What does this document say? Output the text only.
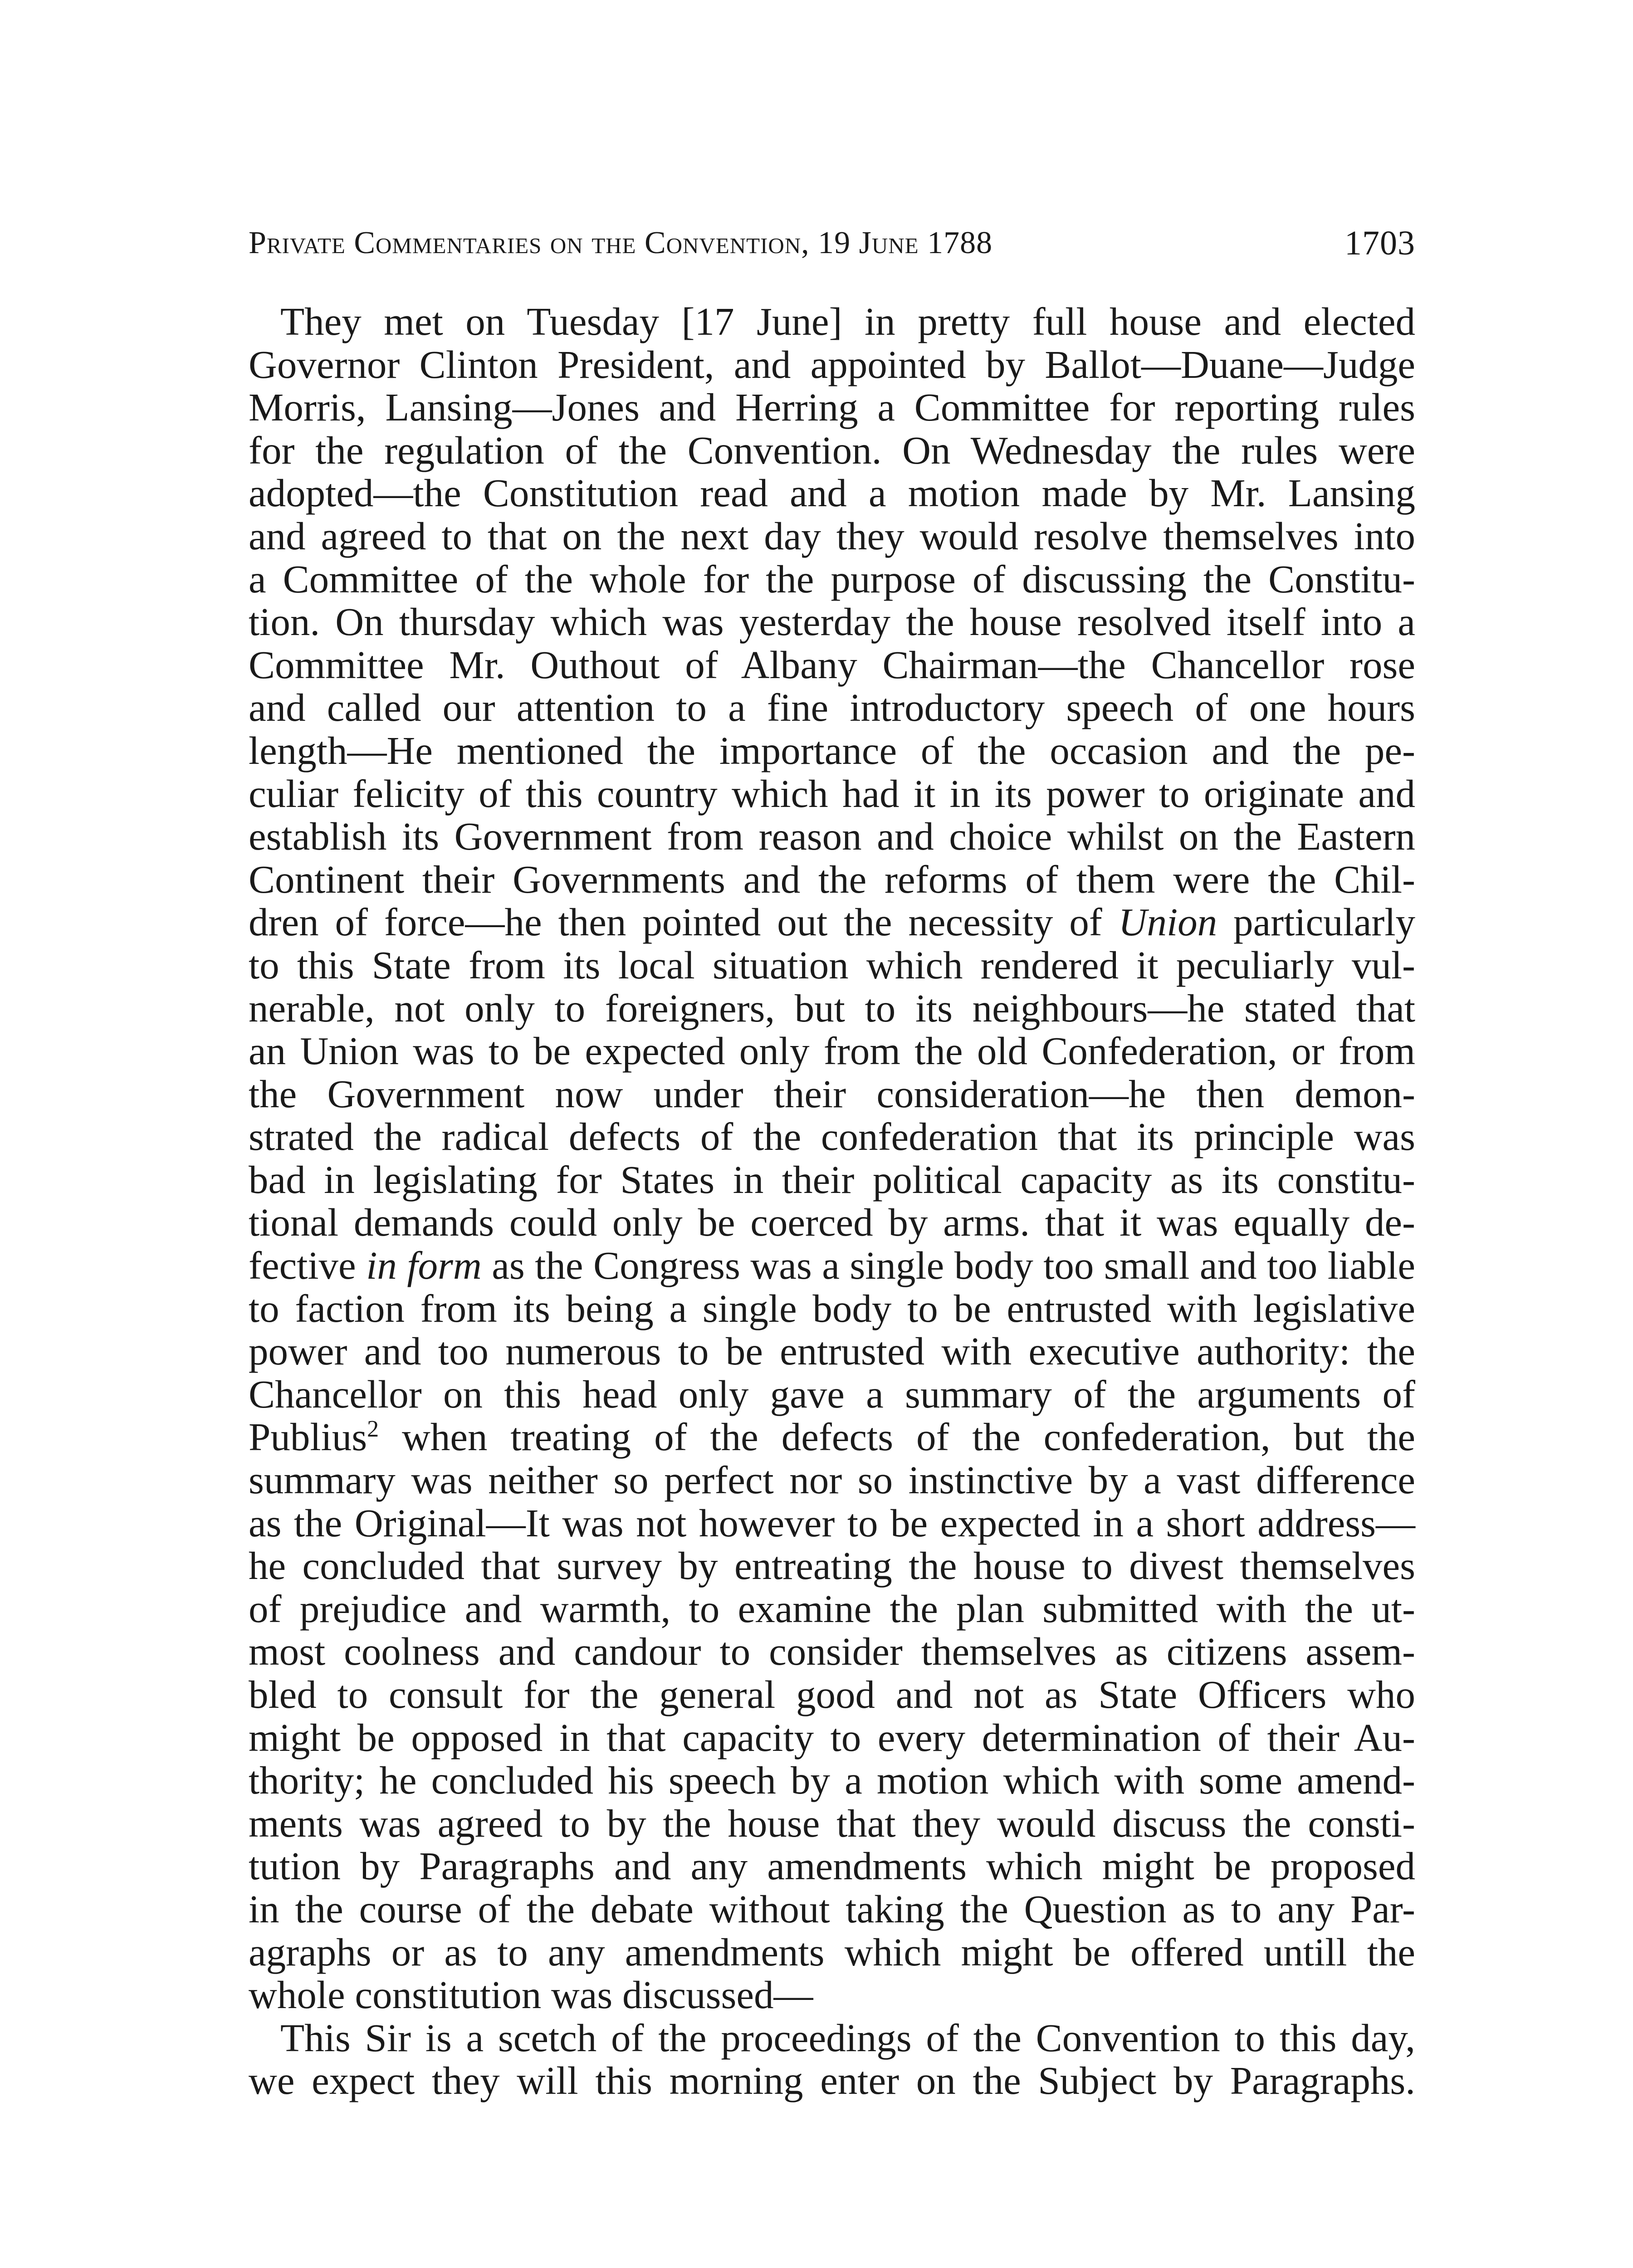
Private Commentaries on the Convention, 19 June 1788	1703
They met on Tuesday [17 June] in pretty full house and elected
Governor Clinton President, and appointed by Ballot—Duane—Judge
Morris, Lansing—Jones and Herring a Committee for reporting rules
for the regulation of the Convention. On Wednesday the rules were
adopted—the Constitution read and a motion made by Mr. Lansing
and agreed to that on the next day they would resolve themselves into
a Committee of the whole for the purpose of discussing the Constitu-
tion. On thursday which was yesterday the house resolved itself into a
Committee Mr. Outhout of Albany Chairman—the Chancellor rose
and called our attention to a fine introductory speech of one hours
length—He mentioned the importance of the occasion and the pe-
culiar felicity of this country which had it in its power to originate and
establish its Government from reason and choice whilst on the Eastern
Continent their Governments and the reforms of them were the Chil-
dren of force—he then pointed out the necessity of Union particularly
to this State from its local situation which rendered it peculiarly vul-
nerable, not only to foreigners, but to its neighbours—he stated that
an Union was to be expected only from the old Confederation, or from
the Government now under their consideration—he then demon-
strated the radical defects of the confederation that its principle was
bad in legislating for States in their political capacity as its constitu-
tional demands could only be coerced by arms. that it was equally de-
fective in form as the Congress was a single body too small and too liable
to faction from its being a single body to be entrusted with legislative
power and too numerous to be entrusted with executive authority: the
Chancellor on this head only gave a summary of the arguments of
Publius$^2$ when treating of the defects of the confederation, but the
summary was neither so perfect nor so instinctive by a vast difference
as the Original—It was not however to be expected in a short address—
he concluded that survey by entreating the house to divest themselves
of prejudice and warmth, to examine the plan submitted with the ut-
most coolness and candour to consider themselves as citizens assem-
bled to consult for the general good and not as State Officers who
might be opposed in that capacity to every determination of their Au-
thority; he concluded his speech by a motion which with some amend-
ments was agreed to by the house that they would discuss the consti-
tution by Paragraphs and any amendments which might be proposed
in the course of the debate without taking the Question as to any Par-
agraphs or as to any amendments which might be offered untill the
whole constitution was discussed—
This Sir is a scetch of the proceedings of the Convention to this day,
we expect they will this morning enter on the Subject by Paragraphs.
